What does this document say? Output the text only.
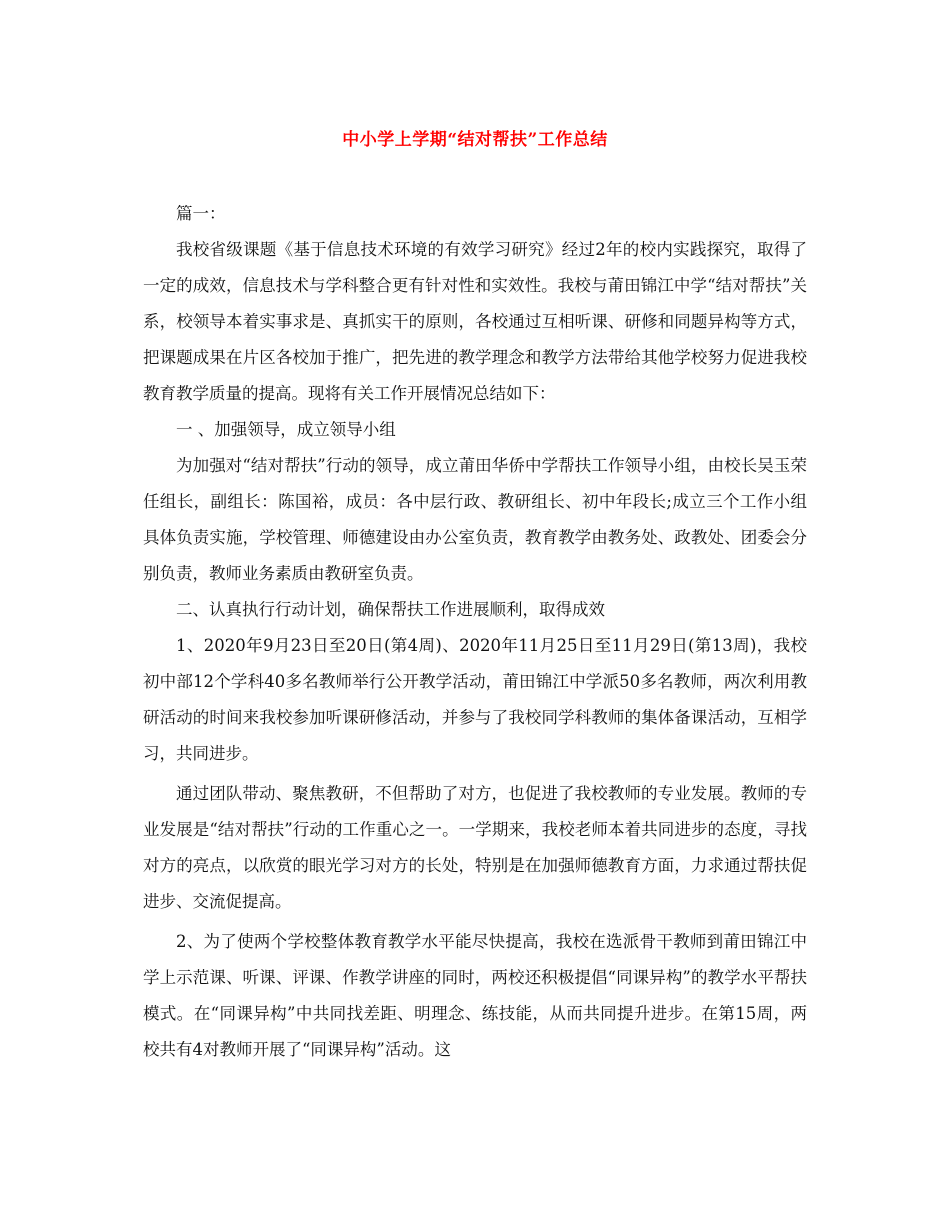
中小学上学期“结对帮扶”工作总结

篇一：

我校省级课题《基于信息技术环境的有效学习研究》经过2年的校内实践探究，取得了一定的成效，信息技术与学科整合更有针对性和实效性。我校与莆田锦江中学“结对帮扶”关系，校领导本着实事求是、真抓实干的原则，各校通过互相听课、研修和同题异构等方式，把课题成果在片区各校加于推广，把先进的教学理念和教学方法带给其他学校努力促进我校教育教学质量的提高。现将有关工作开展情况总结如下：

一 、加强领导，成立领导小组

为加强对“结对帮扶”行动的领导，成立莆田华侨中学帮扶工作领导小组，由校长吴玉荣任组长，副组长：陈国裕，成员：各中层行政、教研组长、初中年段长;成立三个工作小组具体负责实施，学校管理、师德建设由办公室负责，教育教学由教务处、政教处、团委会分别负责，教师业务素质由教研室负责。

二、认真执行行动计划，确保帮扶工作进展顺利，取得成效

1、2020年9月23日至20日(第4周)、2020年11月25日至11月29日(第13周)，我校初中部12个学科40多名教师举行公开教学活动，莆田锦江中学派50多名教师，两次利用教研活动的时间来我校参加听课研修活动，并参与了我校同学科教师的集体备课活动，互相学习，共同进步。

通过团队带动、聚焦教研，不但帮助了对方，也促进了我校教师的专业发展。教师的专业发展是“结对帮扶”行动的工作重心之一。一学期来，我校老师本着共同进步的态度，寻找对方的亮点，以欣赏的眼光学习对方的长处，特别是在加强师德教育方面，力求通过帮扶促进步、交流促提高。

2、为了使两个学校整体教育教学水平能尽快提高，我校在选派骨干教师到莆田锦江中学上示范课、听课、评课、作教学讲座的同时，两校还积极提倡“同课异构”的教学水平帮扶模式。在“同课异构”中共同找差距、明理念、练技能，从而共同提升进步。在第15周，两校共有4对教师开展了“同课异构”活动。这
